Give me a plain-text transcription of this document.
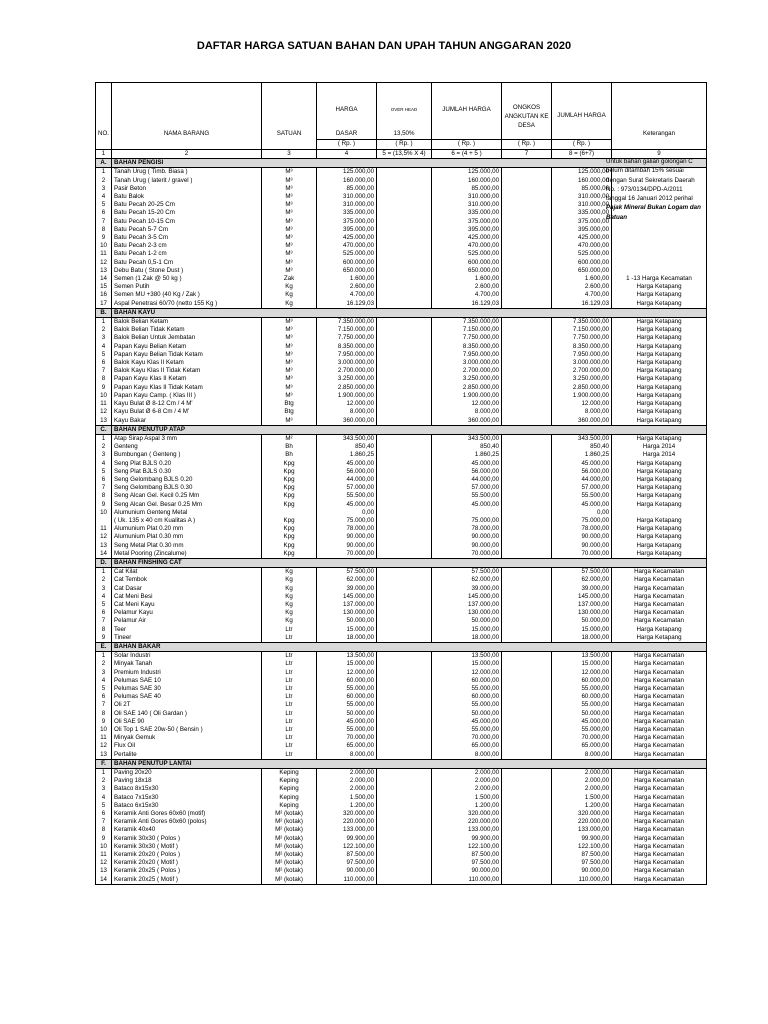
DAFTAR HARGA SATUAN BAHAN DAN UPAH TAHUN ANGGARAN 2020

			HARGA	OVER HEAD	JUMLAH HARGA	ONGKOS ANGKUTAN KE DESA	JUMLAH HARGA	

NO.	NAMA BARANG	SATUAN	DASAR	13,50%				Keterangan
			( Rp. )	( Rp. )	( Rp. )	( Rp. )	( Rp. )	
1	2	3	4	5 = (13,5% X 4)	6 = (4 + 5 )	7	8 = (6+7)	9
A.	BAHAN PENGISI							
1	Tanah Urug ( Timb. Biasa )	M³	125.000,00		125.000,00		125.000,00	
2	Tanah Urug ( laterit / gravel )	M³	160.000,00		160.000,00		160.000,00	
3	Pasir Beton	M³	85.000,00		85.000,00		85.000,00	
4	Batu Balok	M³	310.000,00		310.000,00		310.000,00	
5	Batu Pecah 20-25 Cm	M³	310.000,00		310.000,00		310.000,00	
6	Batu Pecah 15-20 Cm	M³	335.000,00		335.000,00		335.000,00	
7	Batu Pecah 10-15 Cm	M³	375.000,00		375.000,00		375.000,00	
8	Batu Pecah 5-7 Cm	M³	395.000,00		395.000,00		395.000,00	
9	Batu Pecah 3-5 Cm	M³	425.000,00		425.000,00		425.000,00	
10	Batu Pecah 2-3 cm	M³	470.000,00		470.000,00		470.000,00	
11	Batu Pecah 1-2 cm	M³	525.000,00		525.000,00		525.000,00	
12	Batu Pecah 0,5-1 Cm	M³	600.000,00		600.000,00		600.000,00	
13	Debu Batu ( Stone Dust )	M³	650.000,00		650.000,00		650.000,00	
14	Semen (1 Zak @ 50 kg )	Zak	1.600,00		1.600,00		1.600,00	1 -13 Harga Kecamatan
15	Semen Putih	Kg	2.600,00		2.600,00		2.600,00	Harga Ketapang
16	Semen MU +380 (40 Kg / Zak )	Kg	4.700,00		4.700,00		4.700,00	Harga Ketapang
17	Aspal Penetrasi 60/70 (netto 155 Kg )	Kg	16.129,03		16.129,03		16.129,03	Harga Ketapang
B.	BAHAN KAYU							
1	Balok Belian Ketam	M³	7.350.000,00		7.350.000,00		7.350.000,00	Harga Ketapang
2	Balok Belian Tidak Ketam	M³	7.150.000,00		7.150.000,00		7.150.000,00	Harga Ketapang
3	Balok Belian Untuk Jembatan	M³	7.750.000,00		7.750.000,00		7.750.000,00	Harga Ketapang
4	Papan Kayu Belian Ketam	M³	8.350.000,00		8.350.000,00		8.350.000,00	Harga Ketapang
5	Papan Kayu Belian Tidak Ketam	M³	7.950.000,00		7.950.000,00		7.950.000,00	Harga Ketapang
6	Balok Kayu Klas II Ketam	M³	3.000.000,00		3.000.000,00		3.000.000,00	Harga Ketapang
7	Balok Kayu Klas II Tidak Ketam	M³	2.700.000,00		2.700.000,00		2.700.000,00	Harga Ketapang
8	Papan Kayu Klas II Ketam	M³	3.250.000,00		3.250.000,00		3.250.000,00	Harga Ketapang
9	Papan Kayu Klas II Tidak Ketam	M³	2.850.000,00		2.850.000,00		2.850.000,00	Harga Ketapang
10	Papan Kayu Camp. ( Klas III )	M³	1.900.000,00		1.900.000,00		1.900.000,00	Harga Ketapang
11	Kayu Bulat Ø 8-12 Cm / 4 M'	Btg	12.000,00		12.000,00		12.000,00	Harga Ketapang
12	Kayu Bulat Ø 6-8 Cm / 4 M'	Btg	8.000,00		8.000,00		8.000,00	Harga Ketapang
13	Kayu Bakar	M³	360.000,00		360.000,00		360.000,00	Harga Ketapang
C.	BAHAN PENUTUP ATAP							
1	Atap Sirap Aspal 3 mm	M²	343.500,00		343.500,00		343.500,00	Harga Ketapang
2	Genteng	Bh	850,40		850,40		850,40	Harga 2014
3	Bumbungan ( Genteng )	Bh	1.860,25		1.860,25		1.860,25	Harga 2014
4	Seng Plat BJLS 0.20	Kpg	45.000,00		45.000,00		45.000,00	Harga Ketapang
5	Seng Plat BJLS 0.30	Kpg	56.000,00		56.000,00		56.000,00	Harga Ketapang
6	Seng Gelombang BJLS 0.20	Kpg	44.000,00		44.000,00		44.000,00	Harga Ketapang
7	Seng Gelombang BJLS 0.30	Kpg	57.000,00		57.000,00		57.000,00	Harga Ketapang
8	Seng Alcan Gel. Kecil 0.25 Mm	Kpg	55.500,00		55.500,00		55.500,00	Harga Ketapang
9	Seng Alcan Gel. Besar 0.25 Mm	Kpg	45.000,00		45.000,00		45.000,00	Harga Ketapang
10	Alumunium Genteng Metal		0,00				0,00	
	( Uk. 135 x 40 cm Kualitas A )	Kpg	75.000,00		75.000,00		75.000,00	Harga Ketapang
11	Alumunium Plat 0.20 mm	Kpg	78.000,00		78.000,00		78.000,00	Harga Ketapang
12	Alumunium Plat 0.30 mm	Kpg	90.000,00		90.000,00		90.000,00	Harga Ketapang
13	Seng Metal Plat 0.30 mm	Kpg	90.000,00		90.000,00		90.000,00	Harga Ketapang
14	Metal Pooring (Zincalume)	Kpg	70.000,00		70.000,00		70.000,00	Harga Ketapang
D.	BAHAN FINSHING CAT							
1	Cat Kilat	Kg	57.500,00		57.500,00		57.500,00	Harga Kecamatan
2	Cat Tembok	Kg	62.000,00		62.000,00		62.000,00	Harga Kecamatan
3	Cat Dasar	Kg	39.000,00		39.000,00		39.000,00	Harga Kecamatan
4	Cat Meni Besi	Kg	145.000,00		145.000,00		145.000,00	Harga Kecamatan
5	Cat Meni Kayu	Kg	137.000,00		137.000,00		137.000,00	Harga Kecamatan
6	Pelamur Kayu	Kg	130.000,00		130.000,00		130.000,00	Harga Kecamatan
7	Pelamur Air	Kg	50.000,00		50.000,00		50.000,00	Harga Kecamatan
8	Teer	Ltr	15.000,00		15.000,00		15.000,00	Harga Ketapang
9	Tineer	Ltr	18.000,00		18.000,00		18.000,00	Harga Ketapang
E.	BAHAN BAKAR							
1	Solar Industri	Ltr	13.500,00		13.500,00		13.500,00	Harga Kecamatan
2	Minyak Tanah	Ltr	15.000,00		15.000,00		15.000,00	Harga Kecamatan
3	Premium Industri	Ltr	12.000,00		12.000,00		12.000,00	Harga Kecamatan
4	Pelumas SAE 10	Ltr	60.000,00		60.000,00		60.000,00	Harga Kecamatan
5	Pelumas SAE 30	Ltr	55.000,00		55.000,00		55.000,00	Harga Kecamatan
6	Pelumas SAE 40	Ltr	60.000,00		60.000,00		60.000,00	Harga Kecamatan
7	Oli 2T	Ltr	55.000,00		55.000,00		55.000,00	Harga Kecamatan
8	Oli SAE 140 ( Oli Gardan )	Ltr	50.000,00		50.000,00		50.000,00	Harga Kecamatan
9	Oli SAE 90	Ltr	45.000,00		45.000,00		45.000,00	Harga Kecamatan
10	Oli Top 1 SAE 20w-50 ( Bensin )	Ltr	55.000,00		55.000,00		55.000,00	Harga Kecamatan
11	Minyak Gemuk	Ltr	70.000,00		70.000,00		70.000,00	Harga Kecamatan
12	Flux Oil	Ltr	65.000,00		65.000,00		65.000,00	Harga Kecamatan
13	Pertalite	Ltr	8.000,00		8.000,00		8.000,00	Harga Kecamatan
F.	BAHAN PENUTUP LANTAI							
1	Paving 20x20	Keping	2.000,00		2.000,00		2.000,00	Harga Kecamatan
2	Paving 18x18	Keping	2.000,00		2.000,00		2.000,00	Harga Kecamatan
3	Bataco 8x15x30	Keping	2.000,00		2.000,00		2.000,00	Harga Kecamatan
4	Bataco 7x15x30	Keping	1.500,00		1.500,00		1.500,00	Harga Kecamatan
5	Bataco 6x15x30	Keping	1.200,00		1.200,00		1.200,00	Harga Kecamatan
6	Keramik Anti Gores 60x60 (motif)	M² (kotak)	320.000,00		320.000,00		320.000,00	Harga Kecamatan
7	Keramik Anti Gores 60x60 (polos)	M² (kotak)	220.000,00		220.000,00		220.000,00	Harga Kecamatan
8	Keramik 40x40	M² (kotak)	133.000,00		133.000,00		133.000,00	Harga Kecamatan
9	Keramik 30x30 ( Polos )	M² (kotak)	99.900,00		99.900,00		99.900,00	Harga Kecamatan
10	Keramik 30x30 ( Motif )	M² (kotak)	122.100,00		122.100,00		122.100,00	Harga Kecamatan
11	Keramik 20x20 ( Polos )	M² (kotak)	87.500,00		87.500,00		87.500,00	Harga Kecamatan
12	Keramik 20x20 ( Motif )	M² (kotak)	97.500,00		97.500,00		97.500,00	Harga Kecamatan
13	Keramik 20x25 ( Polos )	M² (kotak)	90.000,00		90.000,00		90.000,00	Harga Kecamatan
14	Keramik 20x25 ( Motif )	M² (kotak)	110.000,00		110.000,00		110.000,00	Harga Kecamatan
Untuk bahan galian golongan C belum ditambah 15% sesuai dengan Surat Sekretaris Daerah No. : 973/0134/DPD-A/2011 tanggal 16 Januari 2012 perihal
Pajak Mineral Bukan Logam dan Batuan
